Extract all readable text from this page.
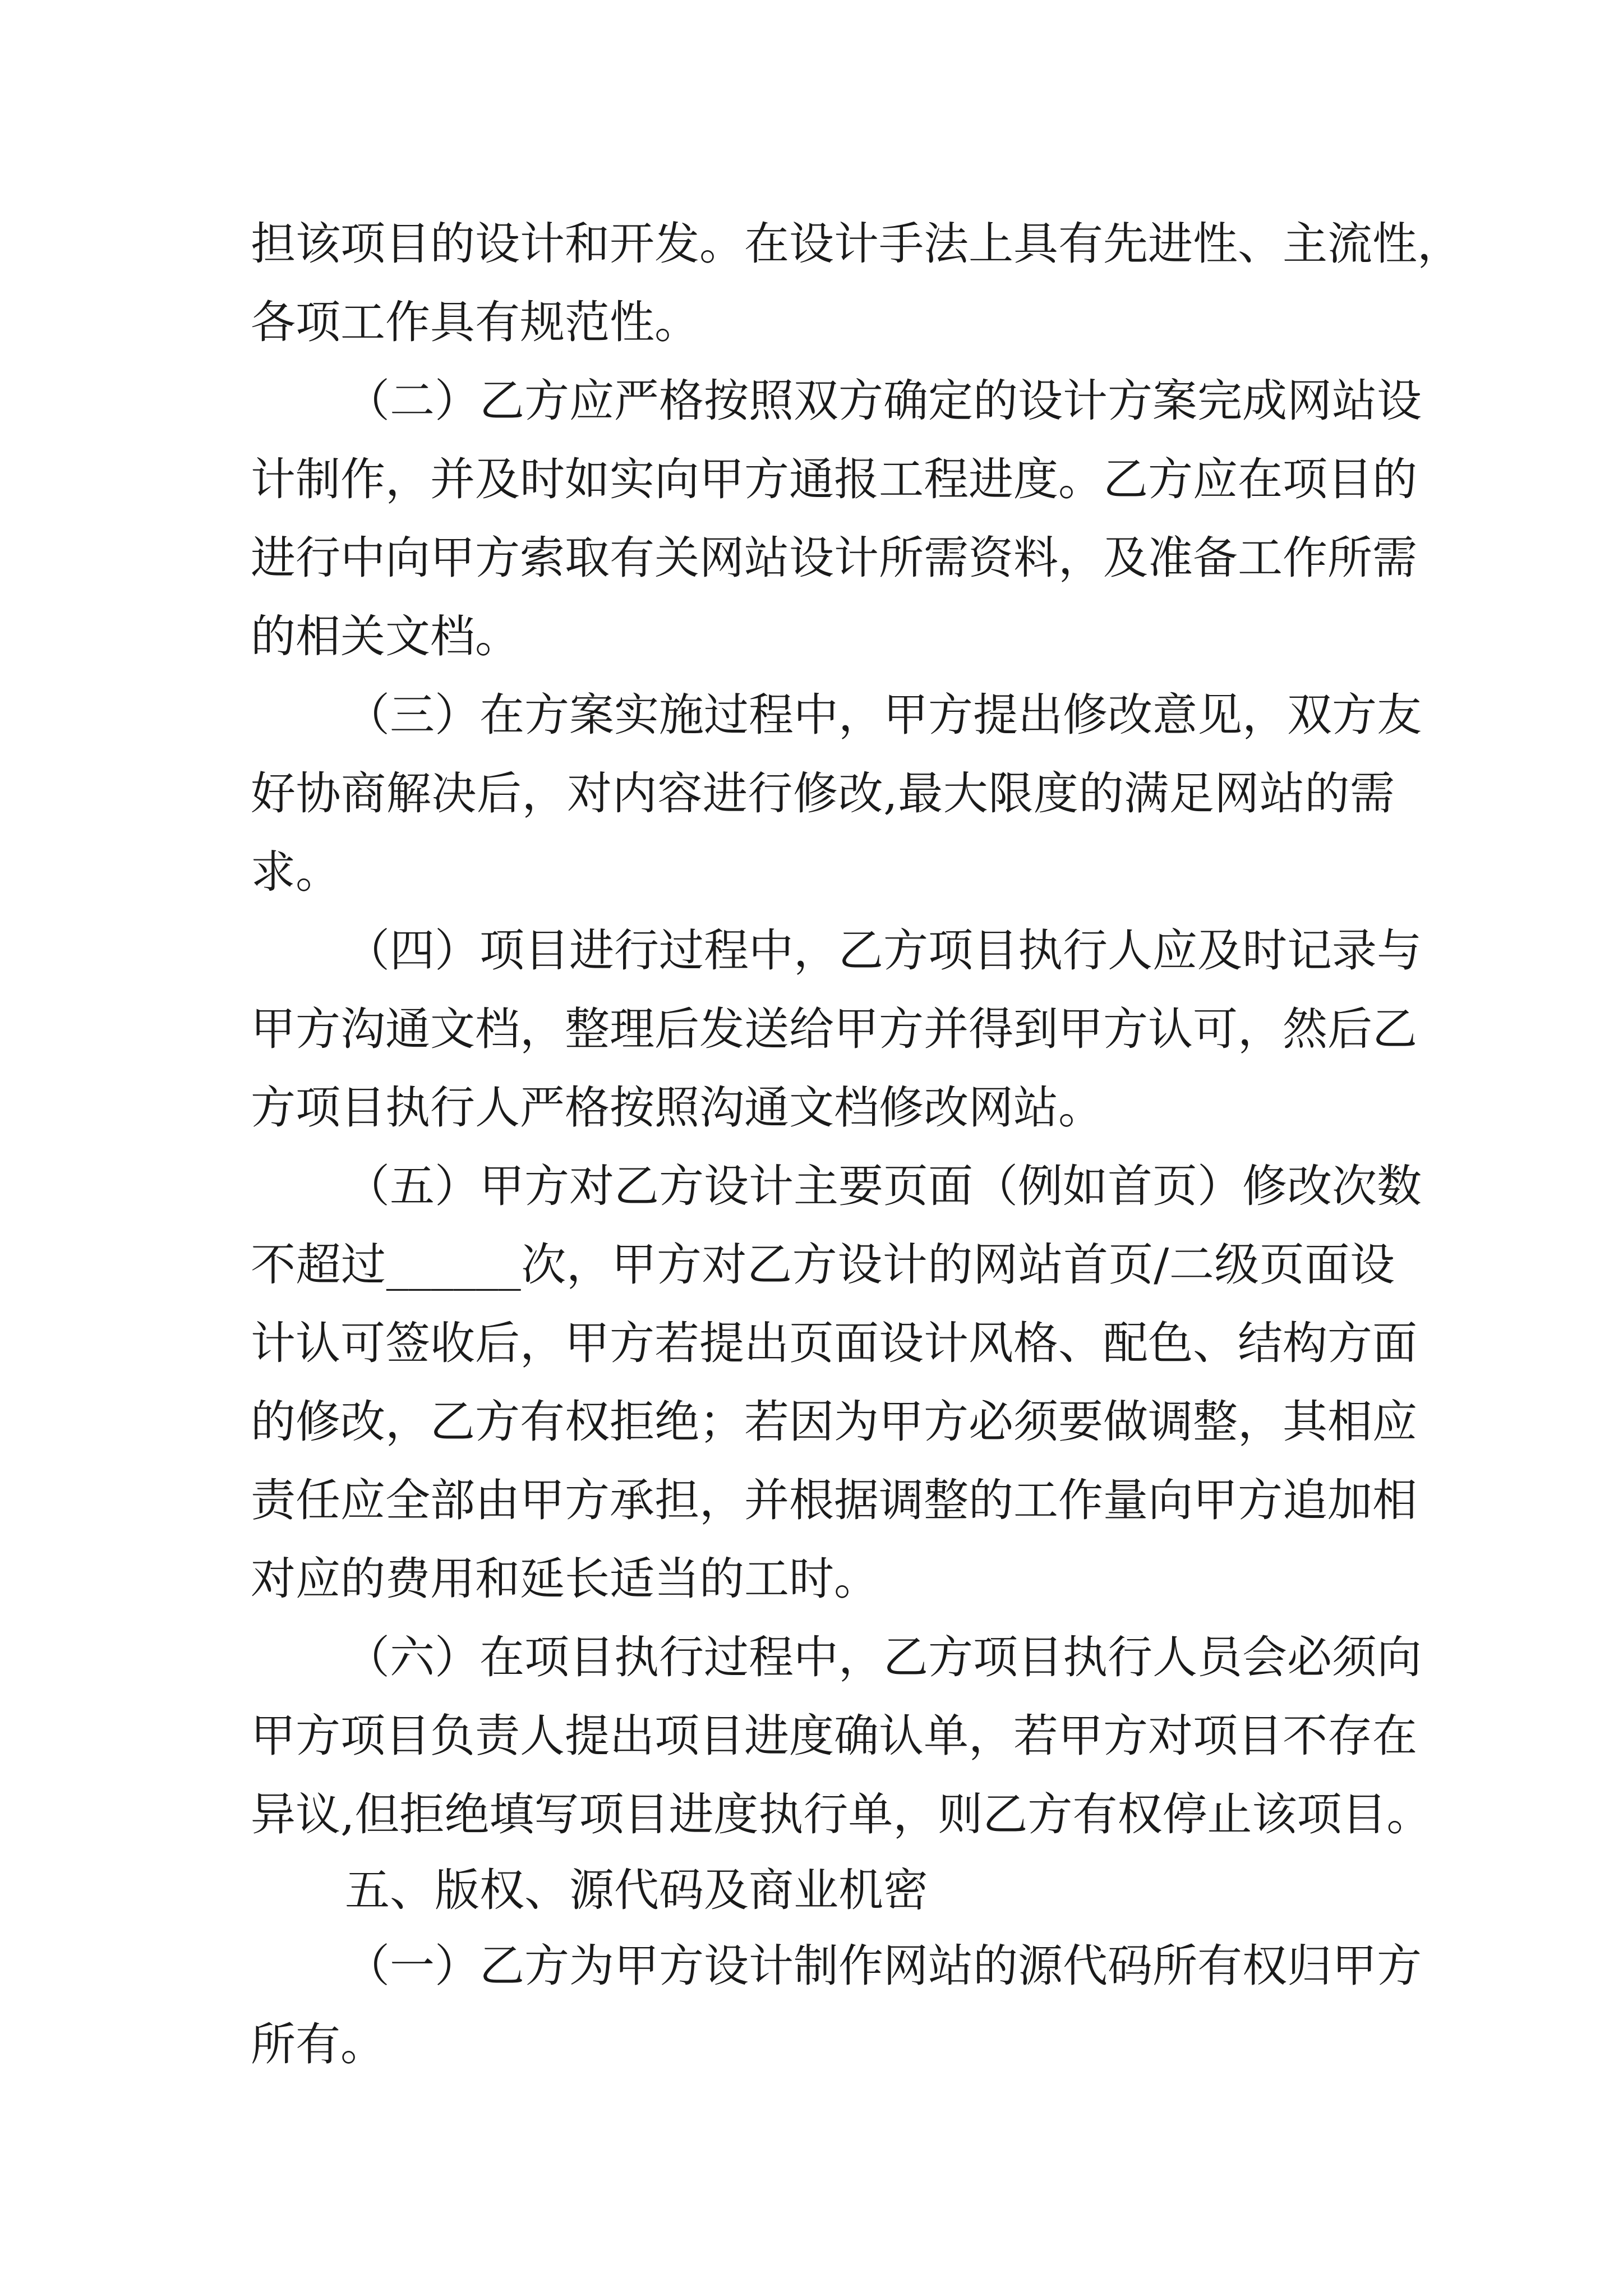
担该项目的设计和开发。在设计手法上具有先进性、主流性，
各项工作具有规范性。
（二）乙方应严格按照双方确定的设计方案完成网站设
计制作，并及时如实向甲方通报工程进度。乙方应在项目的
进行中向甲方索取有关网站设计所需资料，及准备工作所需
的相关文档。
（三）在方案实施过程中，甲方提出修改意见，双方友
好协商解决后，对内容进行修改,最大限度的满足网站的需
求。
（四）项目进行过程中，乙方项目执行人应及时记录与
甲方沟通文档，整理后发送给甲方并得到甲方认可，然后乙
方项目执行人严格按照沟通文档修改网站。
（五）甲方对乙方设计主要页面（例如首页）修改次数
不超过______次，甲方对乙方设计的网站首页/二级页面设
计认可签收后，甲方若提出页面设计风格、配色、结构方面
的修改，乙方有权拒绝；若因为甲方必须要做调整，其相应
责任应全部由甲方承担，并根据调整的工作量向甲方追加相
对应的费用和延长适当的工时。
（六）在项目执行过程中，乙方项目执行人员会必须向
甲方项目负责人提出项目进度确认单，若甲方对项目不存在
异议,但拒绝填写项目进度执行单，则乙方有权停止该项目。
五、版权、源代码及商业机密
（一）乙方为甲方设计制作网站的源代码所有权归甲方
所有。
